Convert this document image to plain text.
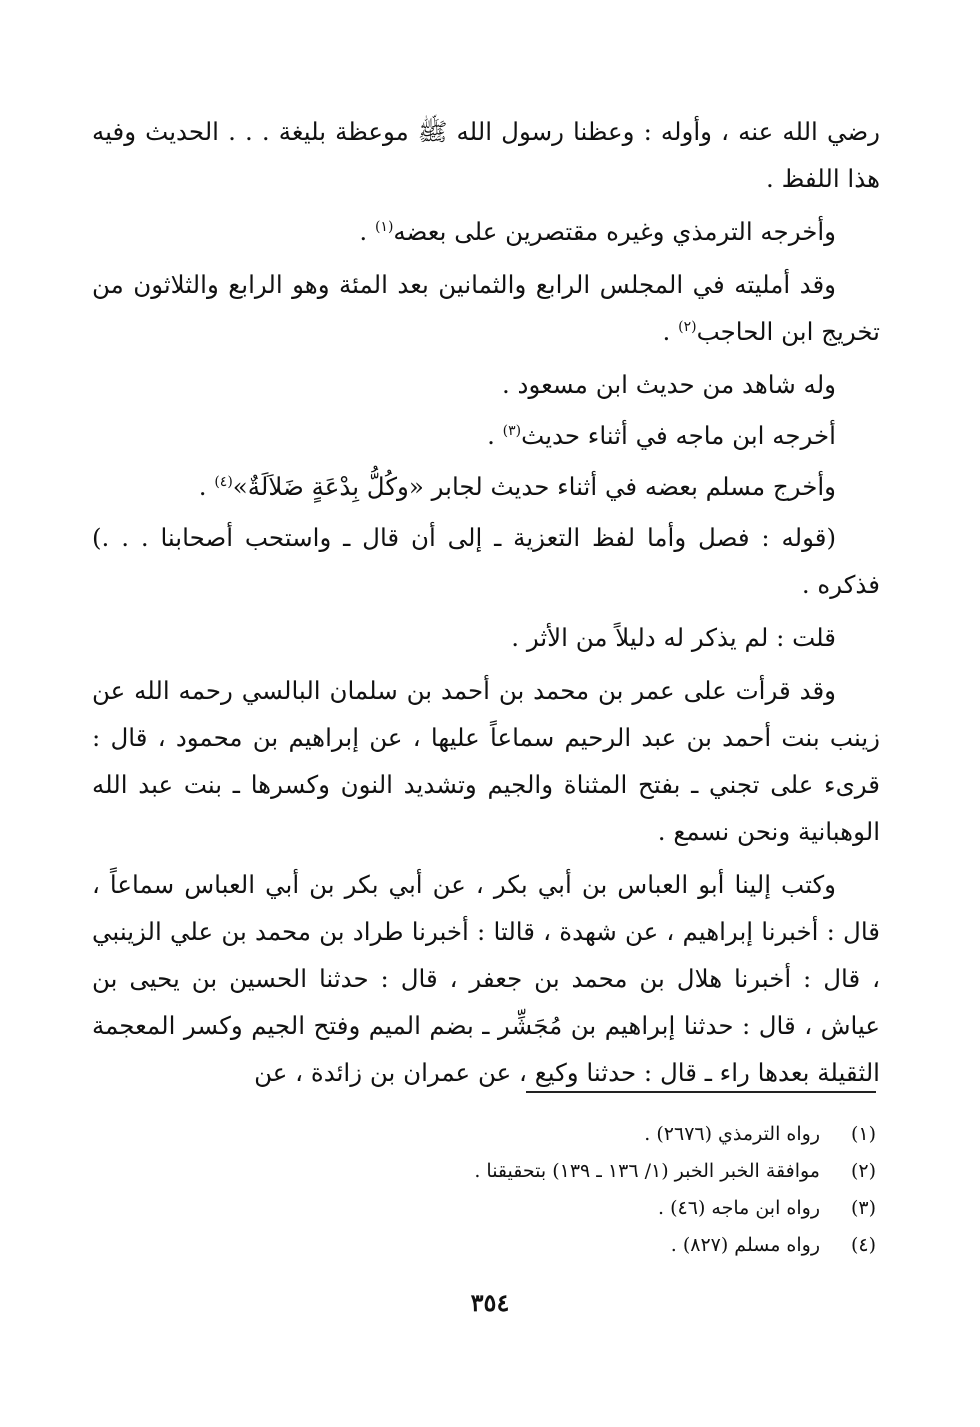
رضي الله عنه ، وأوله : وعظنا رسول الله ﷺ موعظة بليغة . . . الحديث وفيه هذا اللفظ .

وأخرجه الترمذي وغيره مقتصرين على بعضه$^{(١)}$ .

وقد أمليته في المجلس الرابع والثمانين بعد المئة وهو الرابع والثلاثون من تخريج ابن الحاجب$^{(٢)}$ .

وله شاهد من حديث ابن مسعود .

أخرجه ابن ماجه في أثناء حديث$^{(٣)}$ .

وأخرج مسلم بعضه في أثناء حديث لجابر «وكُلُّ بِدْعَةٍ ضَلاَلَةٌ»$^{(٤)}$ .

(قوله : فصل وأما لفظ التعزية ـ إلى أن قال ـ واستحب أصحابنا . . .) فذكره .

قلت : لم يذكر له دليلاً من الأثر .

وقد قرأت على عمر بن محمد بن أحمد بن سلمان البالسي رحمه الله عن زينب بنت أحمد بن عبد الرحيم سماعاً عليها ، عن إبراهيم بن محمود ، قال : قرىء على تجني ـ بفتح المثناة والجيم وتشديد النون وكسرها ـ بنت عبد الله الوهبانية ونحن نسمع .

وكتب إلينا أبو العباس بن أبي بكر ، عن أبي بكر بن أبي العباس سماعاً ، قال : أخبرنا إبراهيم ، عن شهدة ، قالتا : أخبرنا طراد بن محمد بن علي الزينبي ، قال : أخبرنا هلال بن محمد بن جعفر ، قال : حدثنا الحسين بن يحيى بن عياش ، قال : حدثنا إبراهيم بن مُجَشِّر ـ بضم الميم وفتح الجيم وكسر المعجمة الثقيلة بعدها راء ـ قال : حدثنا وكيع ، عن عمران بن زائدة ، عن

(١)
رواه الترمذي (٢٦٧٦) .
(٢)
موافقة الخبر الخبر (١/ ١٣٦ ـ ١٣٩) بتحقيقنا .
(٣)
رواه ابن ماجه (٤٦) .
(٤)
رواه مسلم (٨٢٧) .
٣٥٤
